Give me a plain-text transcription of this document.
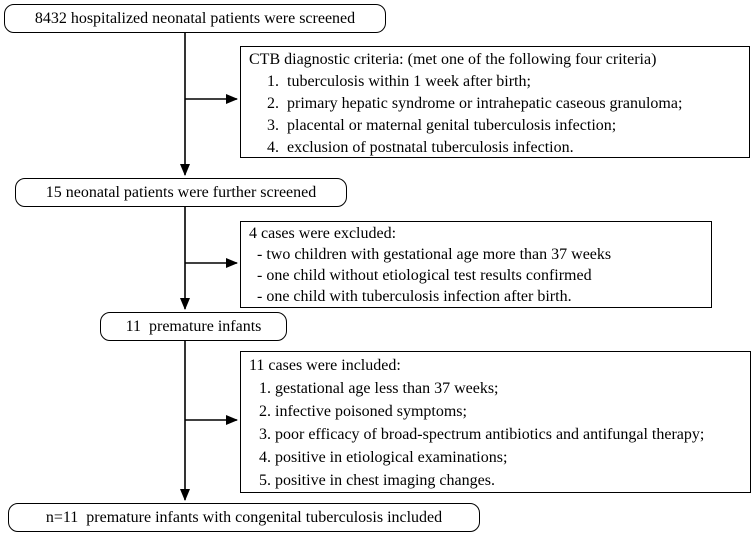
8432 hospitalized neonatal patients were screened
CTB diagnostic criteria: (met one of the following four criteria)
1.  tuberculosis within 1 week after birth;
2.  primary hepatic syndrome or intrahepatic caseous granuloma;
3.  placental or maternal genital tuberculosis infection;
4.  exclusion of postnatal tuberculosis infection.
15 neonatal patients were further screened
4 cases were excluded:
- two children with gestational age more than 37 weeks
- one child without etiological test results confirmed
- one child with tuberculosis infection after birth.
11  premature infants
11 cases were included:
1. gestational age less than 37 weeks;
2. infective poisoned symptoms;
3. poor efficacy of broad-spectrum antibiotics and antifungal therapy;
4. positive in etiological examinations;
5. positive in chest imaging changes.
n=11  premature infants with congenital tuberculosis included
